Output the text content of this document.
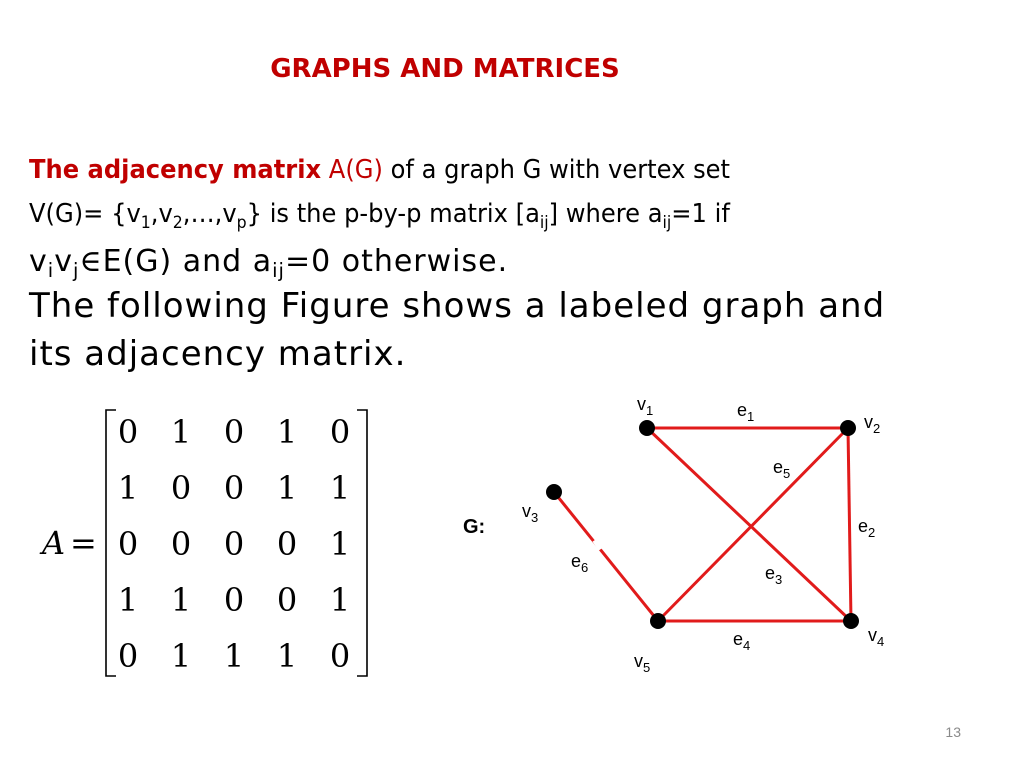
GRAPHS AND MATRICES
The adjacency matrix A(G) of a graph G with vertex set
$V(G)= \{v_1,v_2,\dots,v_p\}$ is the p-by-p matrix $[a_{ij}]$ where $a_{ij}=1$ if
$v_iv_j\in E(G)$ and $a_{ij}=0$ otherwise.
The following Figure shows a labeled graph and
its adjacency matrix.
A =
0 1 0 1 0
1 0 0 1 1
0 0 0 0 1
1 1 0 0 1
0 1 1 1 0
G:
$v_1$
$v_2$
$v_3$
$v_4$
$v_5$
$e_1$
$e_2$
$e_3$
$e_4$
$e_5$
$e_6$
13
